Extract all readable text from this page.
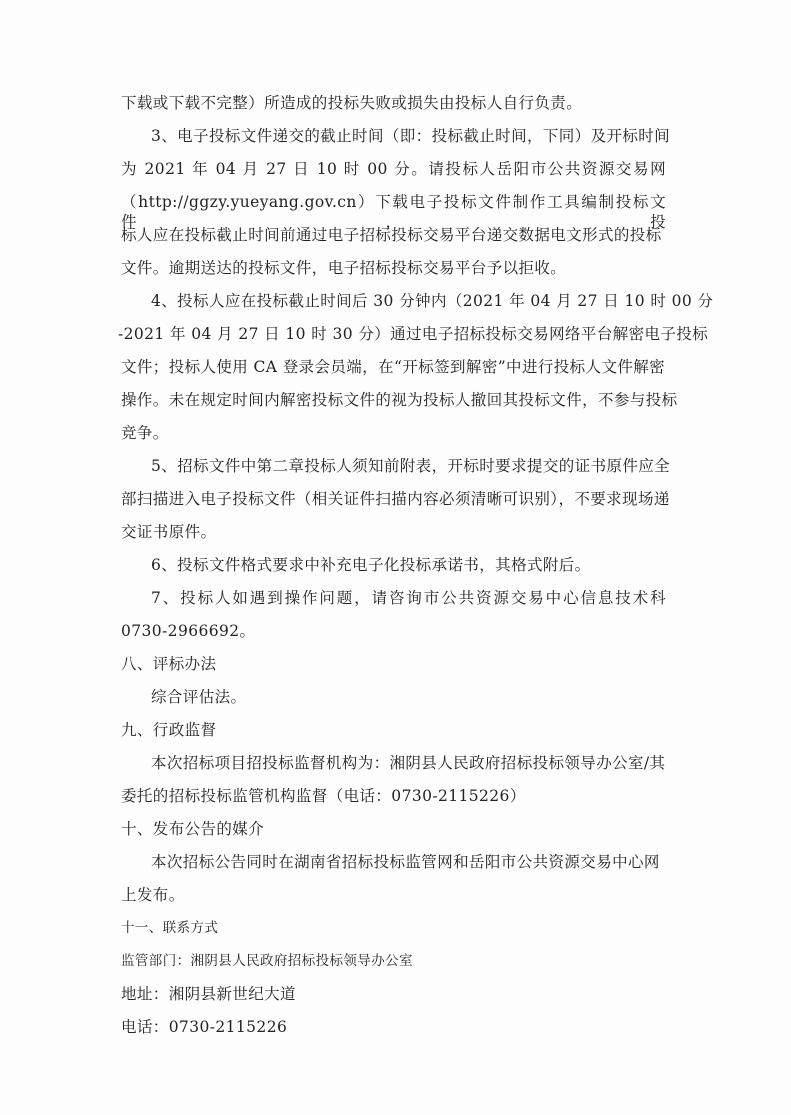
下载或下载不完整）所造成的投标失败或损失由投标人自行负责。
3、电子投标文件递交的截止时间（即：投标截止时间，下同）及开标时间
为 2021 年 04 月 27 日 10 时 00 分。请投标人岳阳市公共资源交易网
（http://ggzy.yueyang.gov.cn）下载电子投标文件制作工具编制投标文件，投
标人应在投标截止时间前通过电子招标投标交易平台递交数据电文形式的投标
文件。逾期送达的投标文件，电子招标投标交易平台予以拒收。
4、投标人应在投标截止时间后 30 分钟内（2021 年 04 月 27 日 10 时 00 分
-2021 年 04 月 27 日 10 时 30 分）通过电子招标投标交易网络平台解密电子投标
文件；投标人使用 CA 登录会员端，在“开标签到解密”中进行投标人文件解密
操作。未在规定时间内解密投标文件的视为投标人撤回其投标文件，不参与投标
竞争。
5、招标文件中第二章投标人须知前附表，开标时要求提交的证书原件应全
部扫描进入电子投标文件（相关证件扫描内容必须清晰可识别），不要求现场递
交证书原件。
6、投标文件格式要求中补充电子化投标承诺书，其格式附后。
7、投标人如遇到操作问题，请咨询市公共资源交易中心信息技术科
0730-2966692。
八、评标办法
综合评估法。
九、行政监督
本次招标项目招投标监督机构为：湘阴县人民政府招标投标领导办公室/其
委托的招标投标监管机构监督（电话：0730-2115226）
十、发布公告的媒介
本次招标公告同时在湖南省招标投标监管网和岳阳市公共资源交易中心网
上发布。
十一、联系方式
监管部门：湘阴县人民政府招标投标领导办公室
地址：湘阴县新世纪大道
电话：0730-2115226
